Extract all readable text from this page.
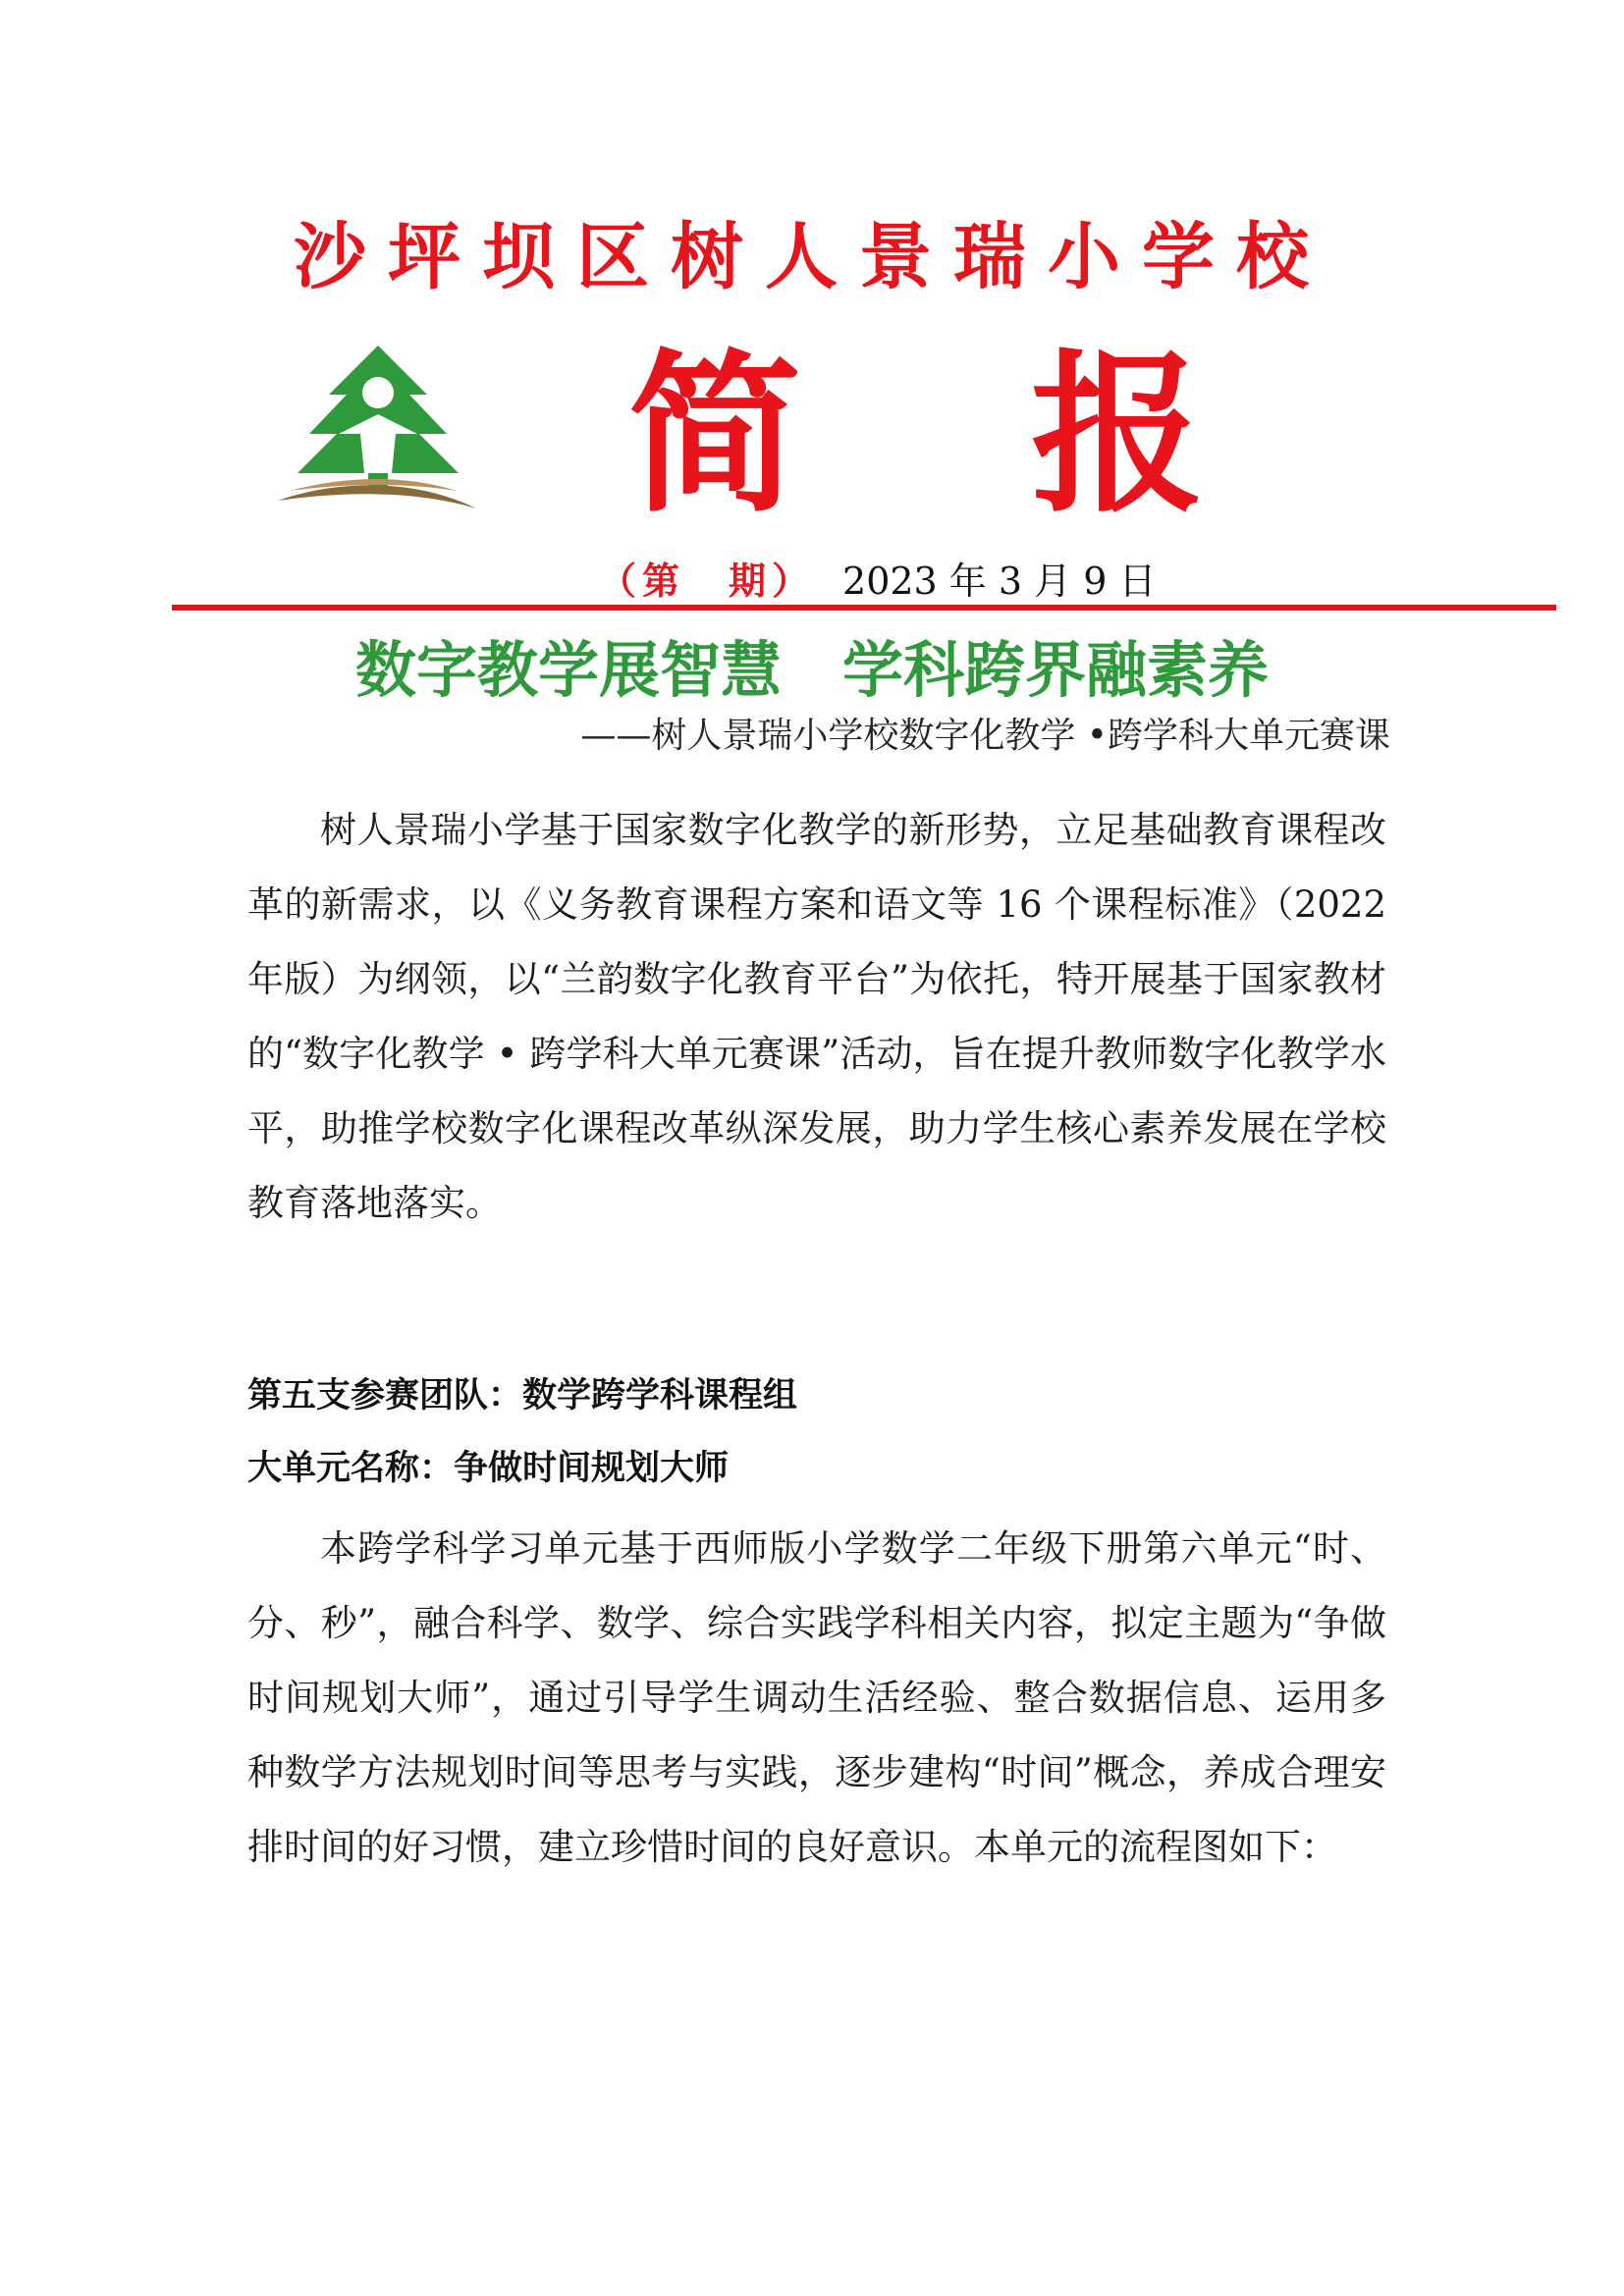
沙坪坝区树人景瑞小学校
简 报
（第　期） 2023 年 3 月 9 日
数字教学展智慧　学科跨界融素养
——树人景瑞小学校数字化教学 •跨学科大单元赛课

树人景瑞小学基于国家数字化教学的新形势，立足基础教育课程改革的新需求，以《义务教育课程方案和语文等 16 个课程标准》（2022 年版）为纲领，以“兰韵数字化教育平台”为依托，特开展基于国家教材的“数字化教学 • 跨学科大单元赛课”活动，旨在提升教师数字化教学水平，助推学校数字化课程改革纵深发展，助力学生核心素养发展在学校教育落地落实。

第五支参赛团队：数学跨学科课程组
大单元名称：争做时间规划大师

本跨学科学习单元基于西师版小学数学二年级下册第六单元“时、分、秒”，融合科学、数学、综合实践学科相关内容，拟定主题为“争做时间规划大师”，通过引导学生调动生活经验、整合数据信息、运用多种数学方法规划时间等思考与实践，逐步建构“时间”概念，养成合理安排时间的好习惯，建立珍惜时间的良好意识。本单元的流程图如下：
